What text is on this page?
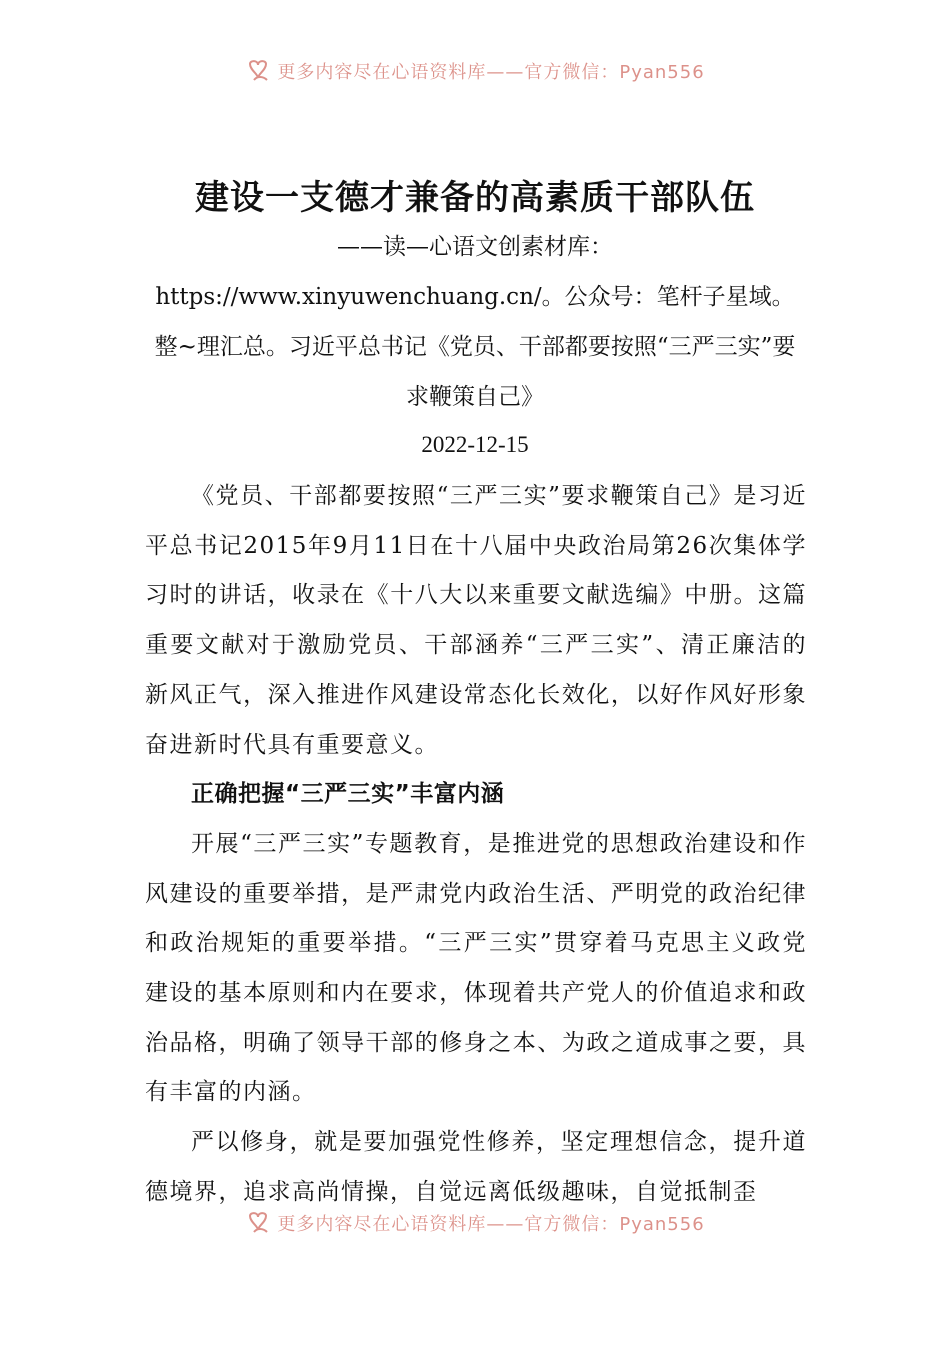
更多内容尽在心语资料库——官方微信：Pyan556
建设一支德才兼备的高素质干部队伍

——读—心语文创素材库：https://www.xinyuwenchuang.cn/。公众号：笔杆子星域。整~理汇总。习近平总书记《党员、干部都要按照“三严三实”要求鞭策自己》

2022-12-15

《党员、干部都要按照“三严三实”要求鞭策自己》是习近平总书记2015年9月11日在十八届中央政治局第26次集体学习时的讲话，收录在《十八大以来重要文献选编》中册。这篇重要文献对于激励党员、干部涵养“三严三实”、清正廉洁的新风正气，深入推进作风建设常态化长效化，以好作风好形象奋进新时代具有重要意义。

正确把握“三严三实”丰富内涵

开展“三严三实”专题教育，是推进党的思想政治建设和作风建设的重要举措，是严肃党内政治生活、严明党的政治纪律和政治规矩的重要举措。“三严三实”贯穿着马克思主义政党建设的基本原则和内在要求，体现着共产党人的价值追求和政治品格，明确了领导干部的修身之本、为政之道成事之要，具有丰富的内涵。

严以修身，就是要加强党性修养，坚定理想信念，提升道德境界，追求高尚情操，自觉远离低级趣味，自觉抵制歪

更多内容尽在心语资料库——官方微信：Pyan556
